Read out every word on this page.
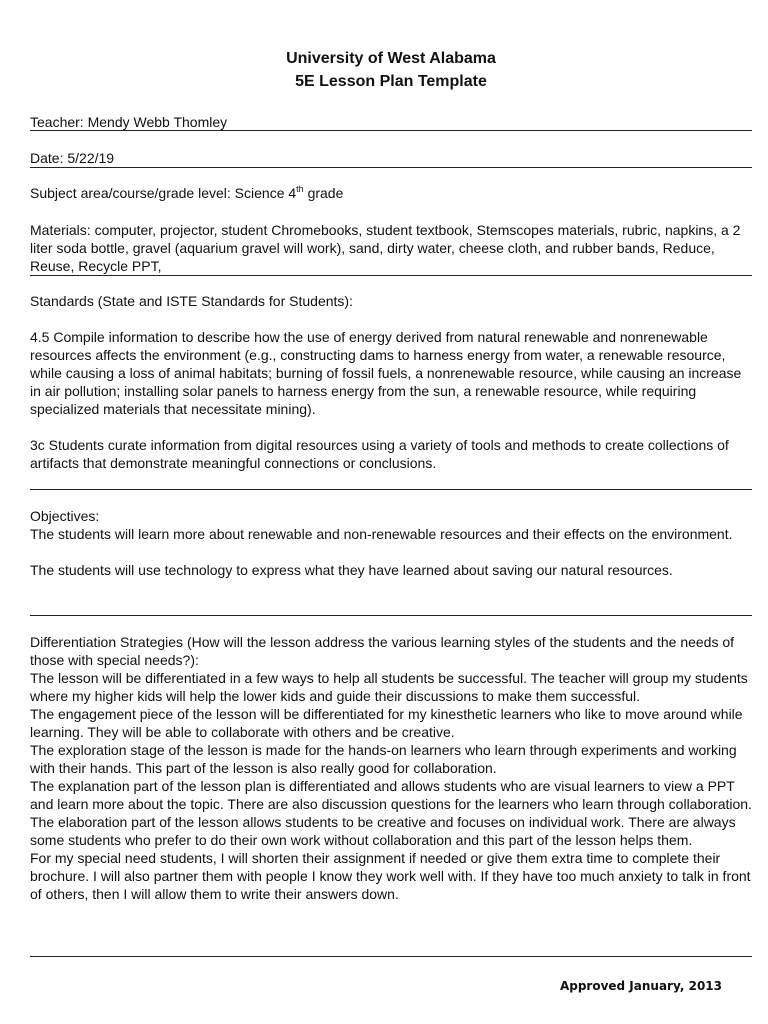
University of West Alabama
5E Lesson Plan Template
Teacher: Mendy Webb Thomley
Date: 5/22/19
Subject area/course/grade level: Science 4th grade
Materials: computer, projector, student Chromebooks, student textbook, Stemscopes materials, rubric, napkins, a 2 liter soda bottle, gravel (aquarium gravel will work), sand, dirty water, cheese cloth, and rubber bands, Reduce, Reuse, Recycle PPT,

Standards (State and ISTE Standards for Students):

4.5 Compile information to describe how the use of energy derived from natural renewable and nonrenewable resources affects the environment (e.g., constructing dams to harness energy from water, a renewable resource, while causing a loss of animal habitats; burning of fossil fuels, a nonrenewable resource, while causing an increase in air pollution; installing solar panels to harness energy from the sun, a renewable resource, while requiring specialized materials that necessitate mining).

3c Students curate information from digital resources using a variety of tools and methods to create collections of artifacts that demonstrate meaningful connections or conclusions.

Objectives:

The students will learn more about renewable and non-renewable resources and their effects on the environment.

The students will use technology to express what they have learned about saving our natural resources.

Differentiation Strategies (How will the lesson address the various learning styles of the students and the needs of those with special needs?):

The lesson will be differentiated in a few ways to help all students be successful. The teacher will group my students where my higher kids will help the lower kids and guide their discussions to make them successful.

The engagement piece of the lesson will be differentiated for my kinesthetic learners who like to move around while learning. They will be able to collaborate with others and be creative.

The exploration stage of the lesson is made for the hands-on learners who learn through experiments and working with their hands. This part of the lesson is also really good for collaboration.

The explanation part of the lesson plan is differentiated and allows students who are visual learners to view a PPT and learn more about the topic. There are also discussion questions for the learners who learn through collaboration.

The elaboration part of the lesson allows students to be creative and focuses on individual work. There are always some students who prefer to do their own work without collaboration and this part of the lesson helps them.

For my special need students, I will shorten their assignment if needed or give them extra time to complete their brochure. I will also partner them with people I know they work well with. If they have too much anxiety to talk in front of others, then I will allow them to write their answers down.

Approved January, 2013
